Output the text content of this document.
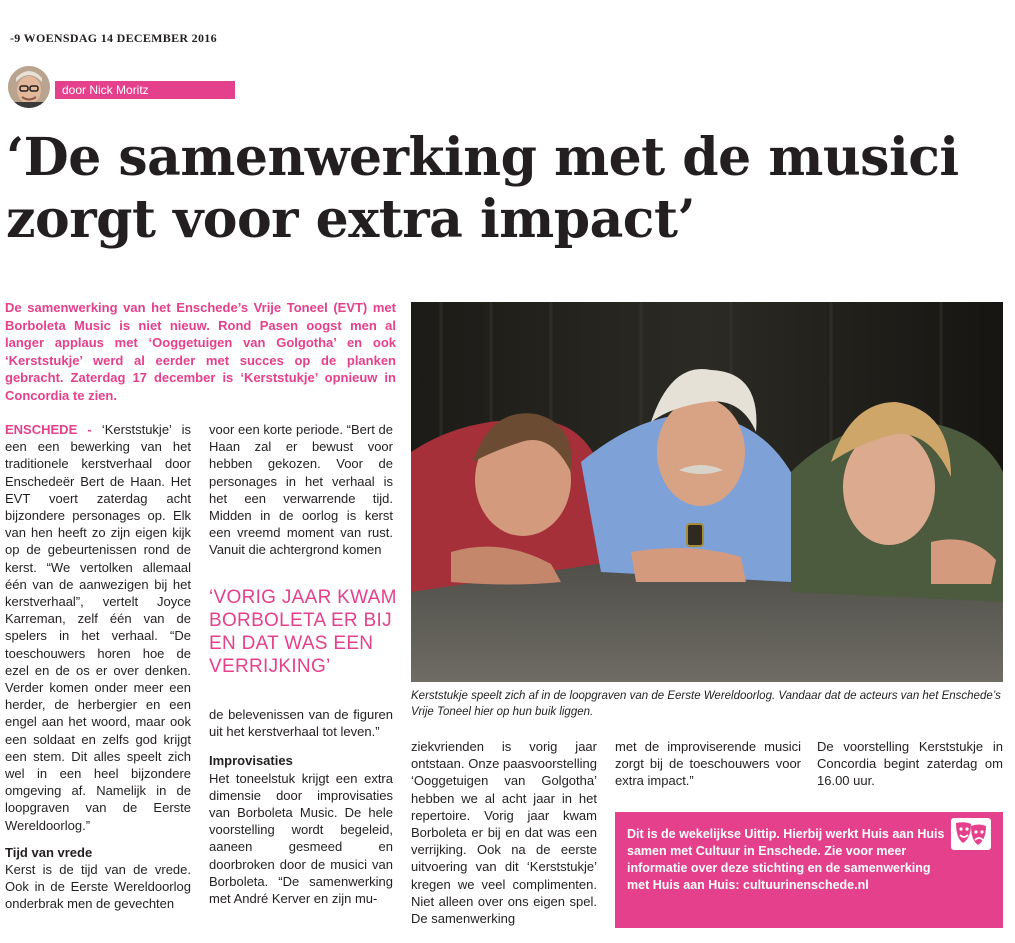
-9 WOENSDAG 14 DECEMBER 2016
door Nick Moritz
‘De samenwerking met de musici zorgt voor extra impact’
De samenwerking van het Enschede’s Vrije Toneel (EVT) met Borboleta Music is niet nieuw. Rond Pasen oogst men al langer applaus met ‘Ooggetuigen van Golgotha’ en ook ‘Kerststukje’ werd al eerder met succes op de planken gebracht. Zaterdag 17 december is ‘Kerststukje’ opnieuw in Concordia te zien.

ENSCHEDE - ‘Kerststukje’ is een een bewerking van het traditionele kerstverhaal door Enschedeër Bert de Haan. Het EVT voert zaterdag acht bijzondere personages op. Elk van hen heeft zo zijn eigen kijk op de gebeurtenissen rond de kerst. “We vertolken allemaal één van de aanwezigen bij het kerstverhaal”, vertelt Joyce Karreman, zelf één van de spelers in het verhaal. “De toeschouwers horen hoe de ezel en de os er over denken. Verder komen onder meer een herder, de herbergier en een engel aan het woord, maar ook een soldaat en zelfs god krijgt een stem. Dit alles speelt zich wel in een heel bijzondere omgeving af. Namelijk in de loopgraven van de Eerste Wereldoorlog.”

Tijd van vrede

Kerst is de tijd van de vrede. Ook in de Eerste Wereldoorlog onderbrak men de gevechten

voor een korte periode. “Bert de Haan zal er bewust voor hebben gekozen. Voor de personages in het verhaal is het een verwarrende tijd. Midden in de oorlog is kerst een vreemd moment van rust. Vanuit die achtergrond komen

‘VORIG JAAR KWAM BORBOLETA ER BIJ EN DAT WAS EEN VERRIJKING’

de belevenissen van de figuren uit het kerstverhaal tot leven.”

Improvisaties

Het toneelstuk krijgt een extra dimensie door improvisaties van Borboleta Music. De hele voorstelling wordt begeleid, aaneen gesmeed en doorbroken door de musici van Borboleta. “De samenwerking met André Kerver en zijn mu-

Kerststukje speelt zich af in de loopgraven van de Eerste Wereldoorlog. Vandaar dat de acteurs van het Enschede’s Vrije Toneel hier op hun buik liggen.

ziekvrienden is vorig jaar ontstaan. Onze paasvoorstelling ‘Ooggetuigen van Golgotha’ hebben we al acht jaar in het repertoire. Vorig jaar kwam Borboleta er bij en dat was een verrijking. Ook na de eerste uitvoering van dit ‘Kerststukje’ kregen we veel complimenten. Niet alleen over ons eigen spel. De samenwerking

met de improviserende musici zorgt bij de toeschouwers voor extra impact.”

De voorstelling Kerststukje in Concordia begint zaterdag om 16.00 uur.

Dit is de wekelijkse Uittip. Hierbij werkt Huis aan Huis samen met Cultuur in Enschede. Zie voor meer informatie over deze stichting en de samenwerking met Huis aan Huis: cultuurinenschede.nl
